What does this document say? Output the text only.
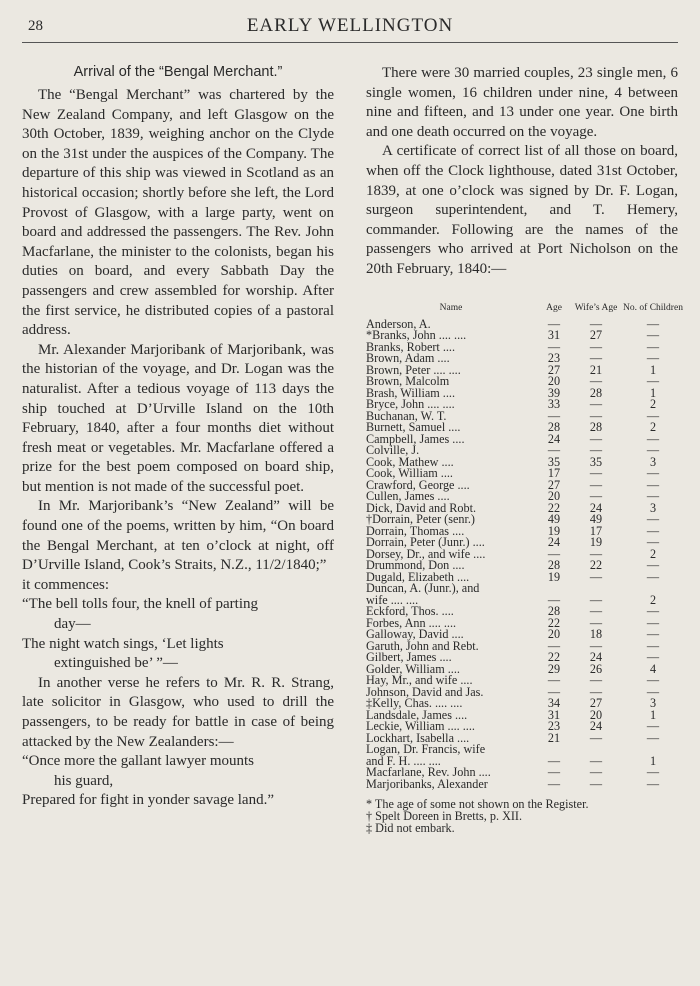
28	EARLY WELLINGTON
Arrival of the “Bengal Merchant.”

The “Bengal Merchant” was chartered by the New Zealand Company, and left Glasgow on the 30th October, 1839, weighing anchor on the Clyde on the 31st under the auspices of the Company. The departure of this ship was viewed in Scotland as an historical occasion; shortly before she left, the Lord Provost of Glasgow, with a large party, went on board and addressed the passengers. The Rev. John Macfarlane, the minister to the colonists, began his duties on board, and every Sabbath Day the passengers and crew assembled for worship. After the first service, he distributed copies of a pastoral address.

Mr. Alexander Marjoribank of Marjoribank, was the historian of the voyage, and Dr. Logan was the naturalist. After a tedious voyage of 113 days the ship touched at D’Urville Island on the 10th February, 1840, after a four months diet without fresh meat or vegetables. Mr. Macfarlane offered a prize for the best poem composed on board ship, but mention is not made of the successful poet.

In Mr. Marjoribank’s “New Zealand” will be found one of the poems, written by him, “On board the Bengal Merchant, at ten o’clock at night, off D’Urville Island, Cook’s Straits, N.Z., 11/2/1840;”

it commences:

“The bell tolls four, the knell of parting
day—
The night watch sings, ‘Let lights
extinguished be’ ”—

In another verse he refers to Mr. R. R. Strang, late solicitor in Glasgow, who used to drill the passengers, to be ready for battle in case of being attacked by the New Zealanders:—

“Once more the gallant lawyer mounts
his guard,
Prepared for fight in yonder savage land.”

There were 30 married couples, 23 single men, 6 single women, 16 children under nine, 4 between nine and fifteen, and 13 under one year. One birth and one death occurred on the voyage.

A certificate of correct list of all those on board, when off the Clock lighthouse, dated 31st October, 1839, at one o’clock was signed by Dr. F. Logan, surgeon superintendent, and T. Hemery, commander. Following are the names of the passengers who arrived at Port Nicholson on the 20th February, 1840:—

Name	Age	Wife’s Age	No. of Children
Anderson, A.	—	—	—
*Branks, John .... ....	31	27	—
Branks, Robert ....	—	—	—
Brown, Adam ....	23	—	—
Brown, Peter .... ....	27	21	1
Brown, Malcolm	20	—	—
Brash, William ....	39	28	1
Bryce, John .... ....	33	—	2
Buchanan, W. T.	—	—	—
Burnett, Samuel ....	28	28	2
Campbell, James ....	24	—	—
Colville, J.	—	—	—
Cook, Mathew ....	35	35	3
Cook, William ....	17	—	—
Crawford, George ....	27	—	—
Cullen, James ....	20	—	—
Dick, David and Robt.	22	24	3
†Dorrain, Peter (senr.)	49	49	—
Dorrain, Thomas ....	19	17	—
Dorrain, Peter (Junr.) ....	24	19	—
Dorsey, Dr., and wife ....	—	—	2
Drummond, Don ....	28	22	—
Dugald, Elizabeth ....	19	—	—
Duncan, A. (Junr.), and			
wife .... ....	—	—	2
Eckford, Thos. ....	28	—	—
Forbes, Ann .... ....	22	—	—
Galloway, David ....	20	18	—
Garuth, John and Rebt.	—	—	—
Gilbert, James ....	22	24	—
Golder, William ....	29	26	4
Hay, Mr., and wife ....	—	—	—
Johnson, David and Jas.	—	—	—
‡Kelly, Chas. .... ....	34	27	3
Landsdale, James ....	31	20	1
Leckie, William .... ....	23	24	—
Lockhart, Isabella ....	21	—	—
Logan, Dr. Francis, wife			
and F. H. .... ....	—	—	1
Macfarlane, Rev. John ....	—	—	—
Marjoribanks, Alexander	—	—	—
* The age of some not shown on the Register.
† Spelt Doreen in Bretts, p. XII.
‡ Did not embark.
